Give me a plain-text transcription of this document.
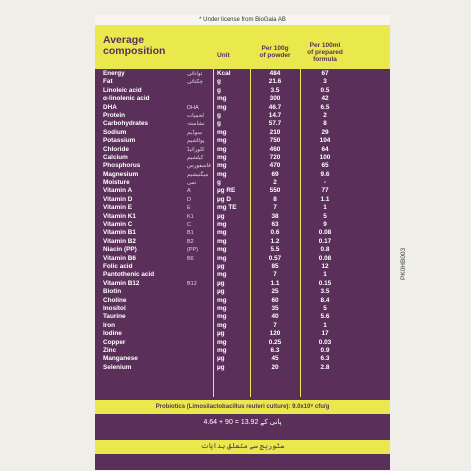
* Under license from BioGaia AB
Average
composition	Unit
Per 100g
of powder
Per 100ml
of prepared
formula
Energy	توانائی Kcal	484	67
Fat	چکنائی g	21.6	3
Linoleic acid	g	3.5	0.5
α-linolenic acid	mg	300	42
DHA	DHA	mg	46.7	6.5
Protein	لحمیات g	14.7	2
Carbohydrates	نشاستہ g	57.7	8
Sodium	سوڈیم mg	210	29
Potassium	پوٹاشیم mg	750	104
Chloride	کلورائیڈ mg	460	64
Calcium	کیلشیم mg	720	100
Phosphorus	فاسفورس mg	470	65
Magnesium	میگنیشیم mg	69	9.6
Moisture	نمی	g	2	-
Vitamin A	A	µg RE	550	77
Vitamin D	D	µg D	8	1.1
Vitamin E	E	mg TE	7	1
Vitamin K1	K1	µg	38	5
Vitamin C	C	mg	63	9
Vitamin B1	B1	mg	0.6	0.08
Vitamin B2	B2	mg	1.2	0.17
Niacin (PP)	(PP)	mg	5.5	0.8
Vitamin B6	B6	mg	0.57	0.08
Folic acid	µg	85	12
Pantothenic acid	mg	7	1
Vitamin B12	B12	µg	1.1	0.15
Biotin	µg	25	3.5
Choline	mg	60	8.4
Inositol	mg	35	5
Taurine	mg	40	5.6
Iron	mg	7	1
Iodine	µg	120	17
Copper	mg	0.25	0.03
Zinc	mg	6.3	0.9
Manganese	µg	45	6.3
Selenium	µg	20	2.8
Probiotics (Limosilactobacillus reuteri culture): 9.0x10⁸ cfu/g
پانی کے 13.92 = 90 + 4.64
سٹوریج سے متعلق ہدایات
PK0HB003
